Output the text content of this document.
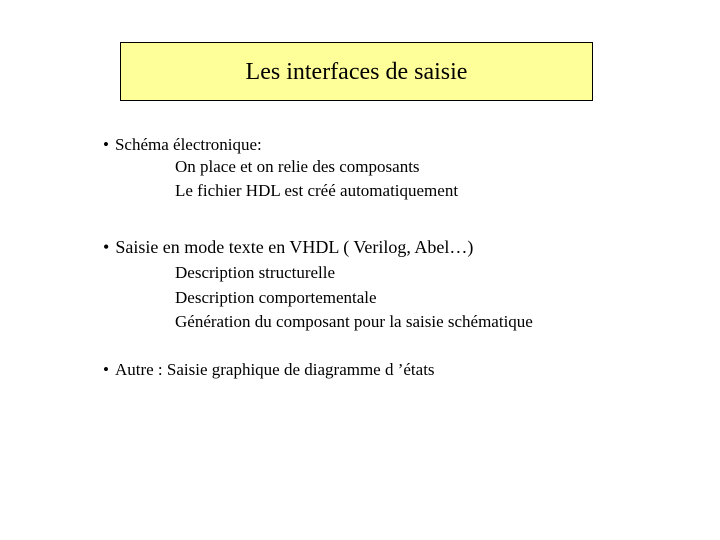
Les interfaces de saisie
• Schéma électronique:
On place et on relie des composants
Le fichier HDL est créé automatiquement
• Saisie en mode texte en VHDL ( Verilog, Abel…)
Description structurelle
Description comportementale
Génération du composant pour la saisie schématique
• Autre : Saisie graphique de diagramme d ’états
